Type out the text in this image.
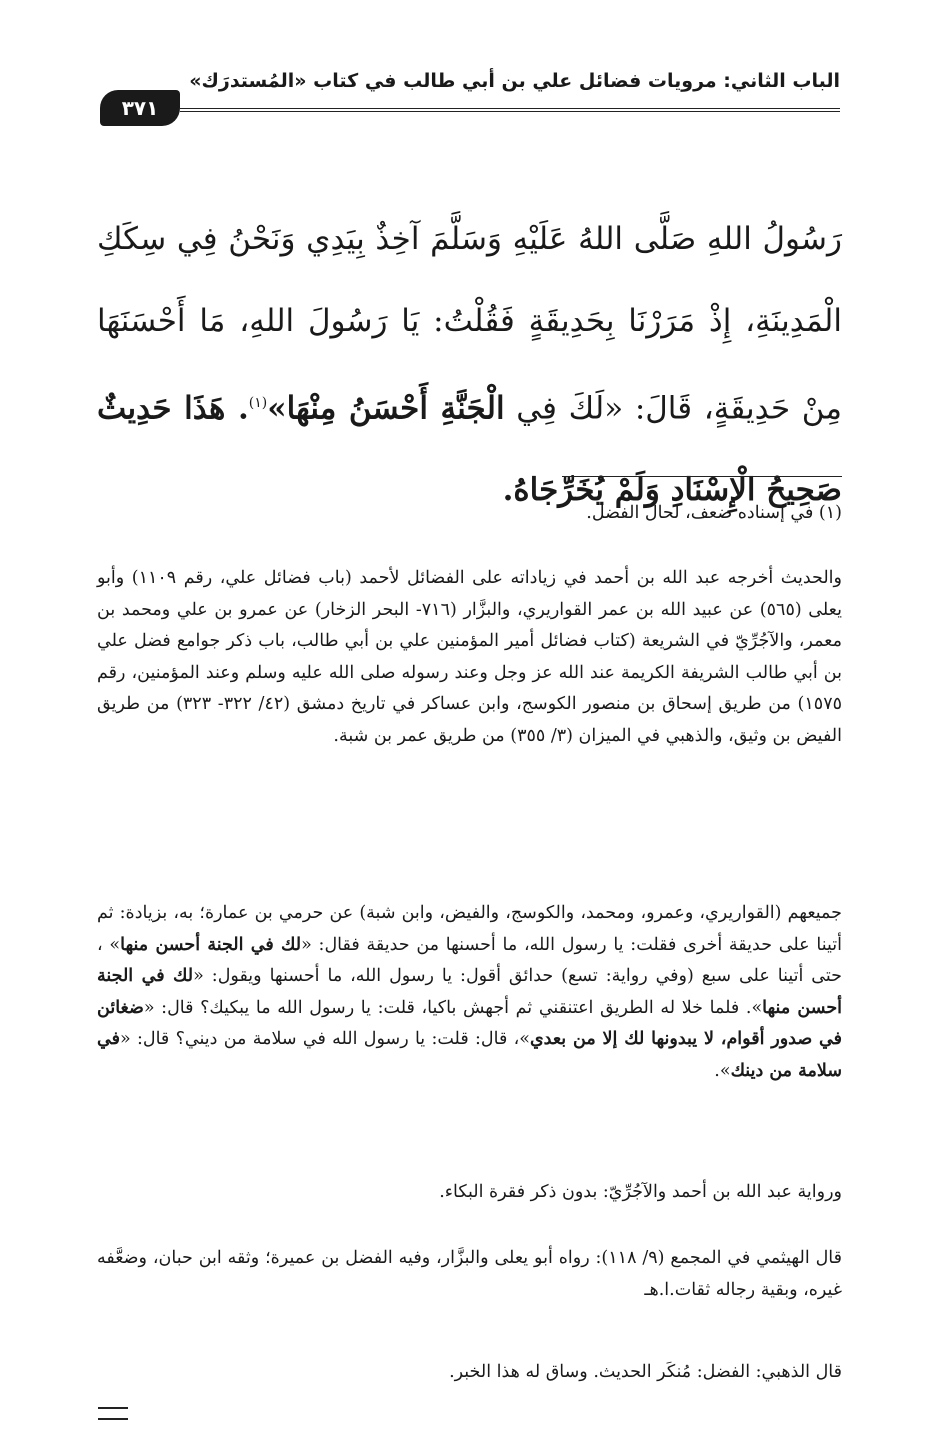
الباب الثاني: مرويات فضائل علي بن أبي طالب في كتاب «المُستدرَك»
٣٧١
رَسُولُ اللهِ صَلَّى اللهُ عَلَيْهِ وَسَلَّمَ آخِذٌ بِيَدِي وَنَحْنُ فِي سِكَكِ الْمَدِينَةِ، إِذْ مَرَرْنَا بِحَدِيقَةٍ فَقُلْتُ: يَا رَسُولَ اللهِ، مَا أَحْسَنَهَا مِنْ حَدِيقَةٍ، قَالَ: «لَكَ فِي الْجَنَّةِ أَحْسَنُ مِنْهَا»$^{(١)}$. هَذَا حَدِيثٌ صَحِيحُ الْإِسْنَادِ وَلَمْ يُخَرِّجَاهُ.
(١) في إسناده ضعف، لحال الفضل.
والحديث أخرجه عبد الله بن أحمد في زياداته على الفضائل لأحمد (باب فضائل علي، رقم ١١٠٩) وأبو يعلى (٥٦٥) عن عبيد الله بن عمر القواريري، والبزَّار (٧١٦- البحر الزخار) عن عمرو بن علي ومحمد بن معمر، والآجُرِّيّ في الشريعة (كتاب فضائل أمير المؤمنين علي بن أبي طالب، باب ذكر جوامع فضل علي بن أبي طالب الشريفة الكريمة عند الله عز وجل وعند رسوله صلى الله عليه وسلم وعند المؤمنين، رقم ١٥٧٥) من طريق إسحاق بن منصور الكوسج، وابن عساكر في تاريخ دمشق (٤٢/ ٣٢٢- ٣٢٣) من طريق الفيض بن وثيق، والذهبي في الميزان (٣/ ٣٥٥) من طريق عمر بن شبة.
جميعهم (القواريري، وعمرو، ومحمد، والكوسج، والفيض، وابن شبة) عن حرمي بن عمارة؛ به، بزيادة: ثم أتينا على حديقة أخرى فقلت: يا رسول الله، ما أحسنها من حديقة فقال: «لك في الجنة أحسن منها» ، حتى أتينا على سبع (وفي رواية: تسع) حدائق أقول: يا رسول الله، ما أحسنها ويقول: «لك في الجنة أحسن منها». فلما خلا له الطريق اعتنقني ثم أجهش باكيا، قلت: يا رسول الله ما يبكيك؟ قال: «ضغائن في صدور أقوام، لا يبدونها لك إلا من بعدي»، قال: قلت: يا رسول الله في سلامة من ديني؟ قال: «في سلامة من دينك».
ورواية عبد الله بن أحمد والآجُرِّيّ: بدون ذكر فقرة البكاء.
قال الهيثمي في المجمع (٩/ ١١٨): رواه أبو يعلى والبزَّار، وفيه الفضل بن عميرة؛ وثقه ابن حبان، وضعَّفه غيره، وبقية رجاله ثقات.ا.هـ
قال الذهبي: الفضل: مُنكَر الحديث. وساق له هذا الخبر.
